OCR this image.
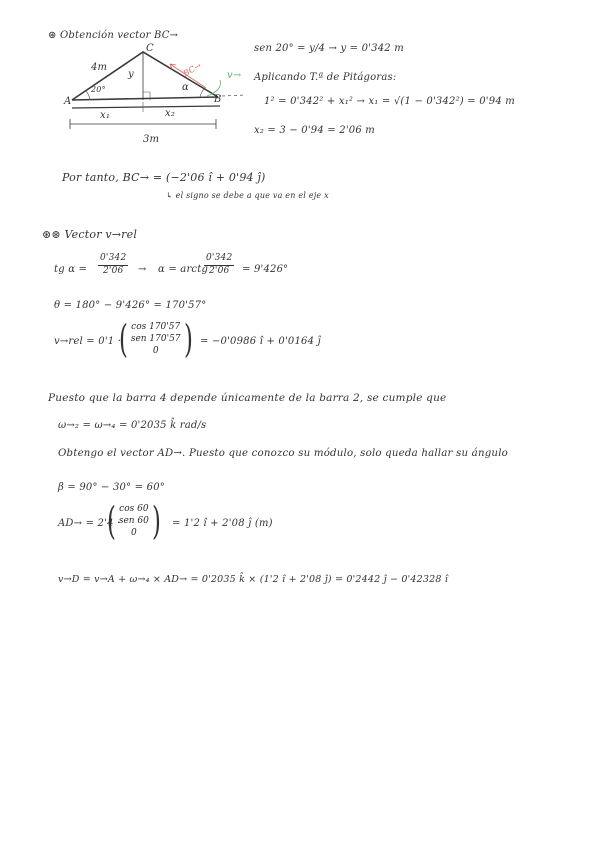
⊛ Obtención vector BC→
C
A	B
4m
y
20°	α
x₁	x₂
3m
BC→ v→
sen 20° = y/4 → y = 0'342 m
Aplicando T.ª de Pitágoras:
1² = 0'342² + x₁² → x₁ = √(1 − 0'342²) = 0'94 m
x₂ = 3 − 0'94 = 2'06 m
Por tanto, BC→ = (−2'06 î + 0'94 ĵ)
↳ el signo se debe a que va en el eje x
⊛⊛ Vector v→rel
tg $\alpha = \frac{0'342}{2'06} \to \alpha$ = arctg
$\frac{0'342}{2'06} = 9'426^\circ$
θ = 180° − 9'426° = 170'57°
v→rel = 0'1 ·
( cos 170'57
sen 170'57
0 ) = −0'0986 î + 0'0164 ĵ
Puesto que la barra 4 depende únicamente de la barra 2, se cumple que
ω→₂ = ω→₄ = 0'2035 k̂ rad/s
Obtengo el vector AD→. Puesto que conozco su módulo, solo queda hallar su ángulo
β = 90° − 30° = 60°
AD→ = 2'4 ·
( cos 60
sen 60
0 ) = 1'2 î + 2'08 ĵ (m)
v→D = v→A + ω→₄ × AD→ = 0'2035 k̂ × (1'2 î + 2'08 ĵ) = 0'2442 ĵ − 0'42328 î
